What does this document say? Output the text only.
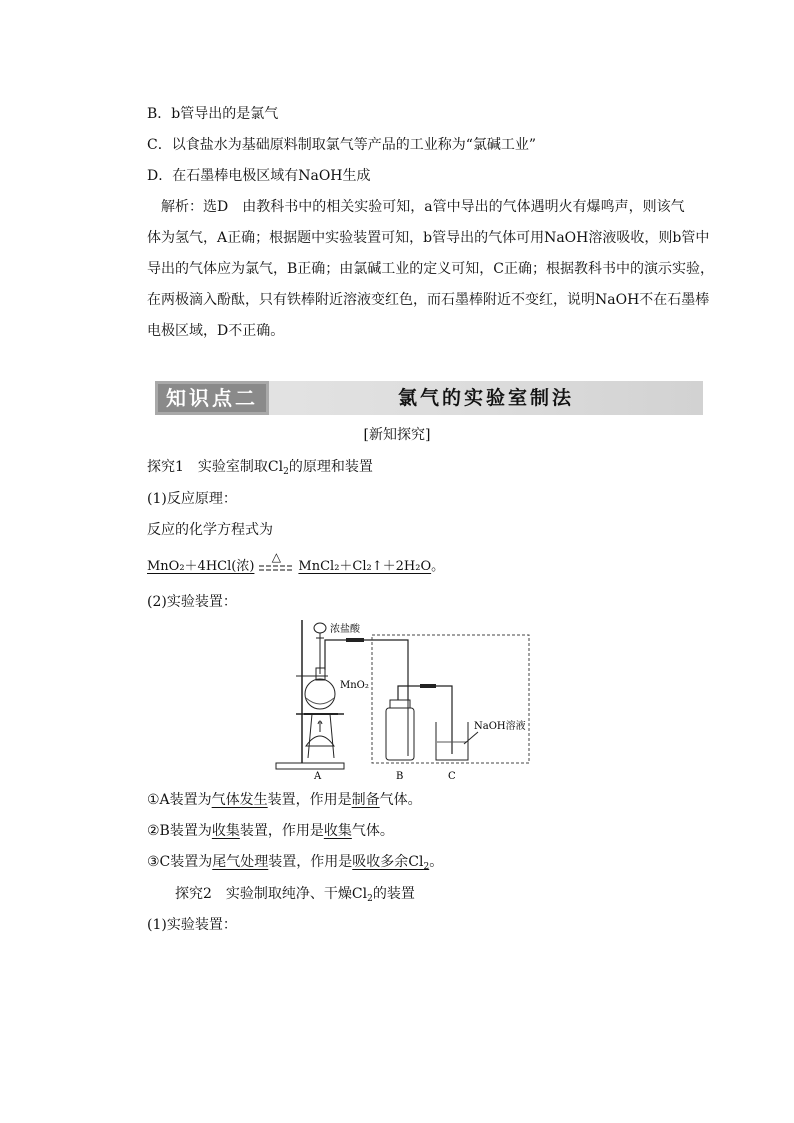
B．b管导出的是氯气
C．以食盐水为基础原料制取氯气等产品的工业称为“氯碱工业”
D．在石墨棒电极区域有NaOH生成
　解析：选D　由教科书中的相关实验可知，a管中导出的气体遇明火有爆鸣声，则该气
体为氢气，A正确；根据题中实验装置可知，b管导出的气体可用NaOH溶液吸收，则b管中
导出的气体应为氯气，B正确；由氯碱工业的定义可知，C正确；根据教科书中的演示实验，
在两极滴入酚酞，只有铁棒附近溶液变红色，而石墨棒附近不变红，说明NaOH不在石墨棒
电极区域，D不正确。
知识点二	氯气的实验室制法
[新知探究]
探究1　实验室制取$Cl_2$的原理和装置
(1)反应原理：
反应的化学方程式为
MnO₂＋4HCl(浓)
△
MnCl₂＋Cl₂↑＋2H₂O。
(2)实验装置：
浓盐酸
MnO₂
NaOH溶液
A	B	C
①A装置为气体发生装置，作用是制备气体。
②B装置为收集装置，作用是收集气体。
③C装置为尾气处理装置，作用是吸收多余$Cl_2$。
探究2　实验制取纯净、干燥$Cl_2$的装置
(1)实验装置：
